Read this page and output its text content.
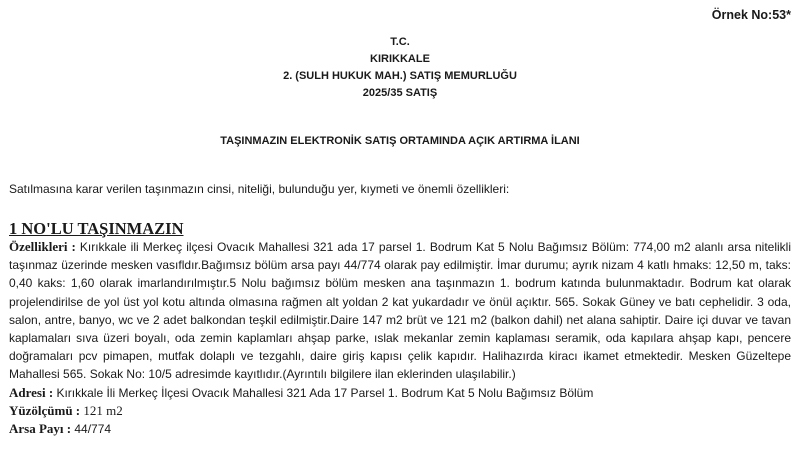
Örnek No:53*
T.C.
KIRIKKALE
2. (SULH HUKUK MAH.) SATIŞ MEMURLUĞU
2025/35 SATIŞ
TAŞINMAZIN ELEKTRONİK SATIŞ ORTAMINDA AÇIK ARTIRMA İLANI
Satılmasına karar verilen taşınmazın cinsi, niteliği, bulunduğu yer, kıymeti ve önemli özellikleri:
1 NO'LU TAŞINMAZIN

Özellikleri : Kırıkkale ili Merkeç ilçesi Ovacık Mahallesi 321 ada 17 parsel 1. Bodrum Kat 5 Nolu Bağımsız Bölüm: 774,00 m2 alanlı arsa nitelikli taşınmaz üzerinde mesken vasıfldır.Bağımsız bölüm arsa payı 44/774 olarak pay edilmiştir. İmar durumu; ayrık nizam 4 katlı hmaks: 12,50 m, taks: 0,40 kaks: 1,60 olarak imarlandırılmıştır.5 Nolu bağımsız bölüm mesken ana taşınmazın 1. bodrum katında bulunmaktadır. Bodrum kat olarak projelendirilse de yol üst yol kotu altında olmasına rağmen alt yoldan 2 kat yukardadır ve önül açıktır. 565. Sokak Güney ve batı cephelidir. 3 oda, salon, antre, banyo, wc ve 2 adet balkondan teşkil edilmiştir.Daire 147 m2 brüt ve 121 m2 (balkon dahil) net alana sahiptir. Daire içi duvar ve tavan kaplamaları sıva üzeri boyalı, oda zemin kaplamları ahşap parke, ıslak mekanlar zemin kaplaması seramik, oda kapılara ahşap kapı, pencere doğramaları pcv pimapen, mutfak dolaplı ve tezgahlı, daire giriş kapısı çelik kapıdır. Halihazırda kiracı ikamet etmektedir. Mesken Güzeltepe Mahallesi 565. Sokak No: 10/5 adresimde kayıtlıdır.(Ayrıntılı bilgilere ilan eklerinden ulaşılabilir.)

Adresi : Kırıkkale İli Merkeç İlçesi Ovacık Mahallesi 321 Ada 17 Parsel 1. Bodrum Kat 5 Nolu Bağımsız Bölüm

Yüzölçümü : 121 m2

Arsa Payı : 44/774
